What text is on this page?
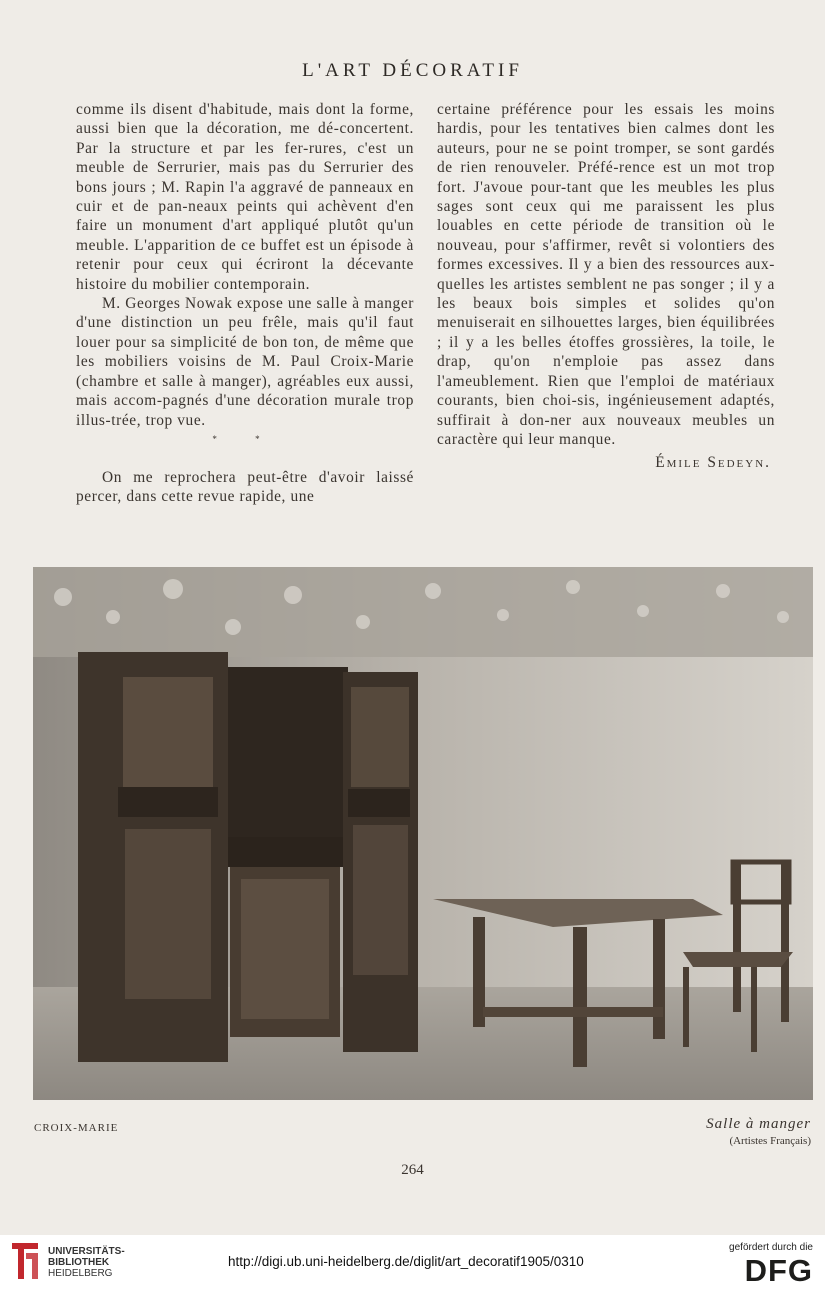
L'ART DÉCORATIF

comme ils disent d'habitude, mais dont la forme, aussi bien que la décoration, me dé-concertent. Par la structure et par les fer-rures, c'est un meuble de Serrurier, mais pas du Serrurier des bons jours ; M. Rapin l'a aggravé de panneaux en cuir et de pan-neaux peints qui achèvent d'en faire un monument d'art appliqué plutôt qu'un meuble. L'apparition de ce buffet est un épisode à retenir pour ceux qui écriront la décevante histoire du mobilier contemporain.

M. Georges Nowak expose une salle à manger d'une distinction un peu frêle, mais qu'il faut louer pour sa simplicité de bon ton, de même que les mobiliers voisins de M. Paul Croix-Marie (chambre et salle à manger), agréables eux aussi, mais accom-pagnés d'une décoration murale trop illus-trée, trop vue.

* *

On me reprochera peut-être d'avoir laissé percer, dans cette revue rapide, une

certaine préférence pour les essais les moins hardis, pour les tentatives bien calmes dont les auteurs, pour ne se point tromper, se sont gardés de rien renouveler. Préfé-rence est un mot trop fort. J'avoue pour-tant que les meubles les plus sages sont ceux qui me paraissent les plus louables en cette période de transition où le nouveau, pour s'affirmer, revêt si volontiers des formes excessives. Il y a bien des ressources aux-quelles les artistes semblent ne pas songer ; il y a les beaux bois simples et solides qu'on menuiserait en silhouettes larges, bien équilibrées ; il y a les belles étoffes grossières, la toile, le drap, qu'on n'emploie pas assez dans l'ameublement. Rien que l'emploi de matériaux courants, bien choi-sis, ingénieusement adaptés, suffirait à don-ner aux nouveaux meubles un caractère qui leur manque.

Émile Sedeyn.
CROIX-MARIE	Salle à manger
(Artistes Français)
264
UNIVERSITÄTS-
BIBLIOTHEK
HEIDELBERG
http://digi.ub.uni-heidelberg.de/diglit/art_decoratif1905/0310
gefördert durch die
DFG
